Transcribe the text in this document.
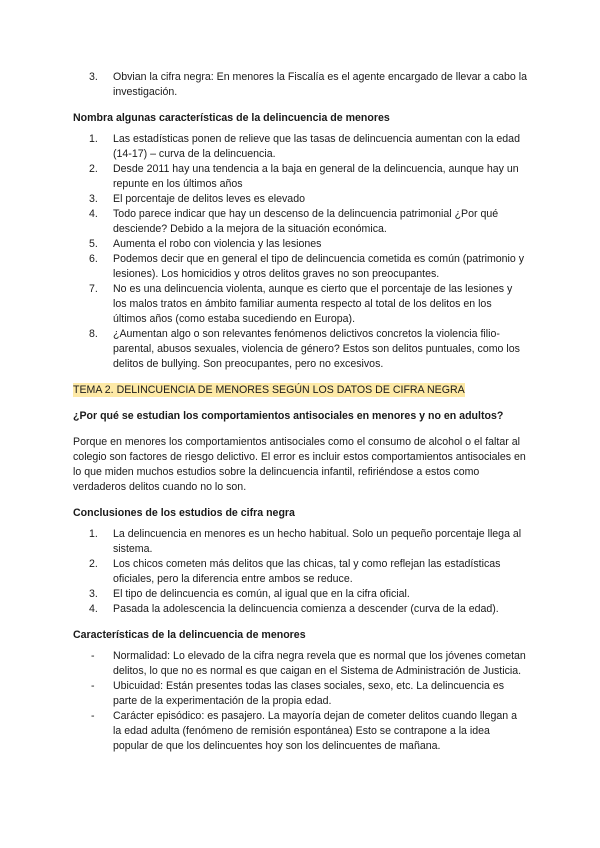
3.	Obvian la cifra negra: En menores la Fiscalía es el agente encargado de llevar a cabo la investigación.

Nombra algunas características de la delincuencia de menores

1.	Las estadísticas ponen de relieve que las tasas de delincuencia aumentan con la edad (14-17) – curva de la delincuencia.
2.	Desde 2011 hay una tendencia a la baja en general de la delincuencia, aunque hay un repunte en los últimos años
3.	El porcentaje de delitos leves es elevado
4.	Todo parece indicar que hay un descenso de la delincuencia patrimonial ¿Por qué desciende? Debido a la mejora de la situación económica.
5.	Aumenta el robo con violencia y las lesiones
6.	Podemos decir que en general el tipo de delincuencia cometida es común (patrimonio y lesiones). Los homicidios y otros delitos graves no son preocupantes.
7.	No es una delincuencia violenta, aunque es cierto que el porcentaje de las lesiones y los malos tratos en ámbito familiar aumenta respecto al total de los delitos en los últimos años (como estaba sucediendo en Europa).
8.	¿Aumentan algo o son relevantes fenómenos delictivos concretos la violencia filio-parental, abusos sexuales, violencia de género? Estos son delitos puntuales, como los delitos de bullying. Son preocupantes, pero no excesivos.

TEMA 2. DELINCUENCIA DE MENORES SEGÚN LOS DATOS DE CIFRA NEGRA

¿Por qué se estudian los comportamientos antisociales en menores y no en adultos?

Porque en menores los comportamientos antisociales como el consumo de alcohol o el faltar al colegio son factores de riesgo delictivo. El error es incluir estos comportamientos antisociales en lo que miden muchos estudios sobre la delincuencia infantil, refiriéndose a estos como verdaderos delitos cuando no lo son.

Conclusiones de los estudios de cifra negra

1.	La delincuencia en menores es un hecho habitual. Solo un pequeño porcentaje llega al sistema.
2.	Los chicos cometen más delitos que las chicas, tal y como reflejan las estadísticas oficiales, pero la diferencia entre ambos se reduce.
3.	El tipo de delincuencia es común, al igual que en la cifra oficial.
4.	Pasada la adolescencia la delincuencia comienza a descender (curva de la edad).

Características de la delincuencia de menores

-	Normalidad: Lo elevado de la cifra negra revela que es normal que los jóvenes cometan delitos, lo que no es normal es que caigan en el Sistema de Administración de Justicia.
-	Ubicuidad: Están presentes todas las clases sociales, sexo, etc. La delincuencia es parte de la experimentación de la propia edad.
-	Carácter episódico: es pasajero. La mayoría dejan de cometer delitos cuando llegan a la edad adulta (fenómeno de remisión espontánea) Esto se contrapone a la idea popular de que los delincuentes hoy son los delincuentes de mañana.
